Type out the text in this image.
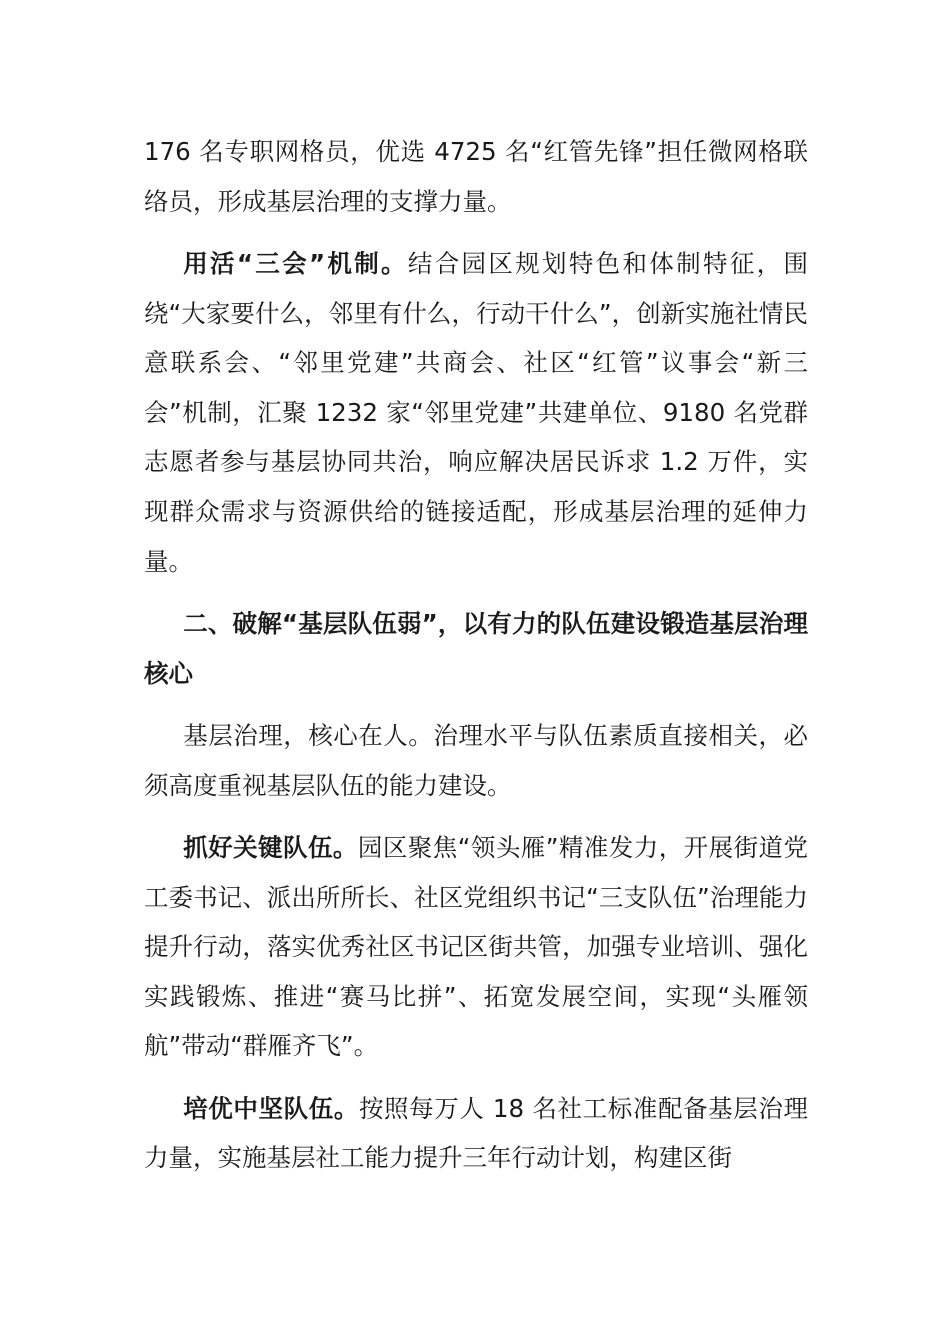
176 名专职网格员，优选 4725 名“红管先锋”担任微网格联络员，形成基层治理的支撑力量。

用活“三会”机制。结合园区规划特色和体制特征，围绕“大家要什么，邻里有什么，行动干什么”，创新实施社情民意联系会、“邻里党建”共商会、社区“红管”议事会“新三会”机制，汇聚 1232 家“邻里党建”共建单位、9180 名党群志愿者参与基层协同共治，响应解决居民诉求 1.2 万件，实现群众需求与资源供给的链接适配，形成基层治理的延伸力量。

二、破解“基层队伍弱”，以有力的队伍建设锻造基层治理核心

基层治理，核心在人。治理水平与队伍素质直接相关，必须高度重视基层队伍的能力建设。

抓好关键队伍。园区聚焦“领头雁”精准发力，开展街道党工委书记、派出所所长、社区党组织书记“三支队伍”治理能力提升行动，落实优秀社区书记区街共管，加强专业培训、强化实践锻炼、推进“赛马比拼”、拓宽发展空间，实现“头雁领航”带动“群雁齐飞”。

培优中坚队伍。按照每万人 18 名社工标准配备基层治理力量，实施基层社工能力提升三年行动计划，构建区街
